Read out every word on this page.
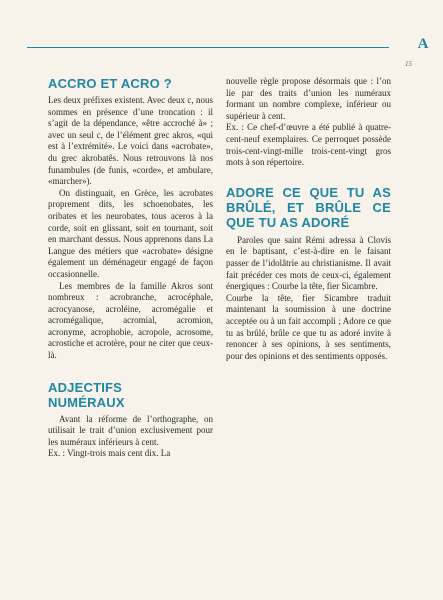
A
15
ACCRO ET ACRO ?

Les deux préfixes existent. Avec deux c, nous sommes en présence d’une troncation : il s’agit de la dépendance, «être accroché à» ; avec un seul c, de l’élément grec akros, «qui est à l’extrémité». Le voici dans «acrobate», du grec akrobatês. Nous retrouvons là nos funambules (de funis, «corde», et ambulare, «marcher»).

On distinguait, en Grèce, les acrobates proprement dits, les schoenobates, les oribates et les neurobates, tous aceros à la corde, soit en glissant, soit en tournant, soit en marchant dessus. Nous apprenons dans La Langue des métiers que «acrobate» désigne également un déménageur engagé de façon occasionnelle.

Les membres de la famille Akros sont nombreux : acrobranche, acrocéphale, acrocyanose, acroléine, acromégalie et acromégalique, acromial, acromion, acronyme, acrophobie, acropole, acrosome, acrostiche et acrotère, pour ne citer que ceux-là.

ADJECTIFS NUMÉRAUX

Avant la réforme de l’orthographe, on utilisait le trait d’union exclusivement pour les numéraux inférieurs à cent.

Ex. : Vingt-trois mais cent dix. La

nouvelle règle propose désormais que : l’on lie par des traits d’union les numéraux formant un nombre complexe, inférieur ou supérieur à cent.

Ex. : Ce chef-d’œuvre a été publié à quatre-cent-neuf exemplaires. Ce perroquet possède trois-cent-vingt-mille trois-cent-vingt gros mots à son répertoire.

ADORE CE QUE TU AS BRÛLÉ, ET BRÛLE CE QUE TU AS ADORÉ

Paroles que saint Rémi adressa à Clovis en le baptisant, c’est-à-dire en le faisant passer de l’idolâtrie au christianisme. Il avait fait précéder ces mots de ceux-ci, également énergiques : Courbe la tête, fier Sicambre.

Courbe la tête, fier Sicambre traduit maintenant la soumission à une doctrine acceptée ou à un fait accompli ; Adore ce que tu as brûlé, brûle ce que tu as adoré invite à renoncer à ses opinions, à ses sentiments, pour des opinions et des sentiments opposés.
